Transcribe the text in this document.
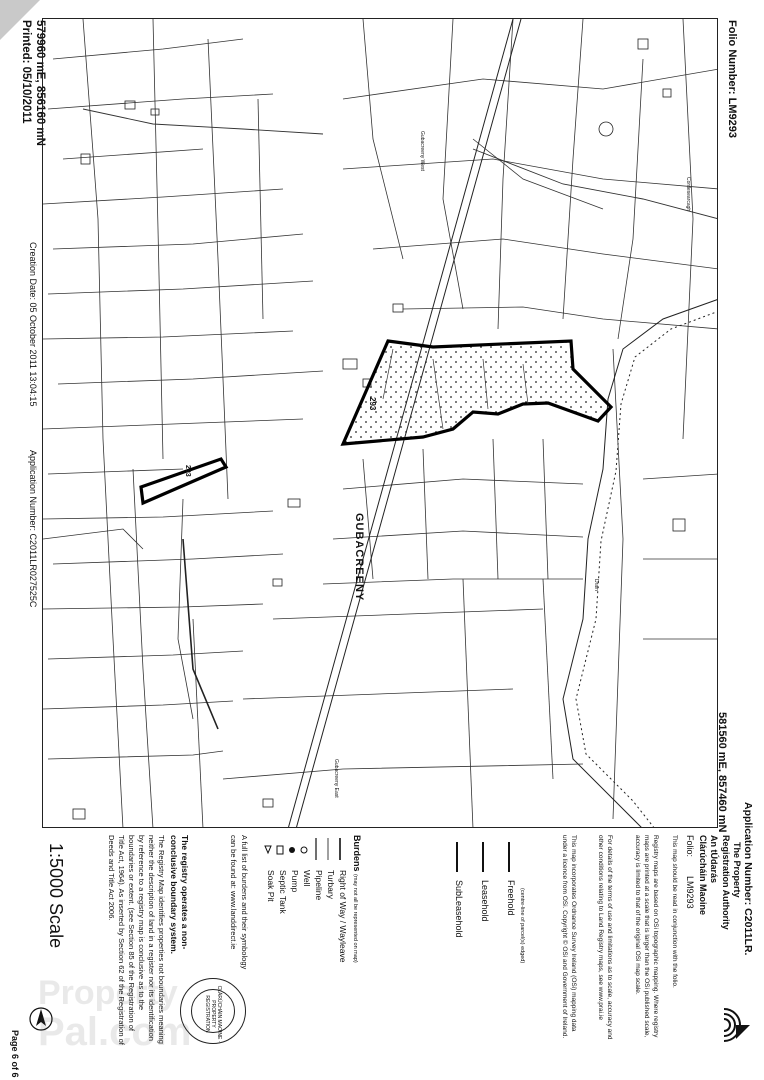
579960 mE, 856160 mN
Printed: 05/10/2011
Creation Date: 05 October 2011 13:04:15
Application Number: C2011LR027525C
Folio Number: LM9293
581560 mE, 857460 mN
GUBACREENY
Gubacreeny West
Gubacreeny East
Cordesearcagh
Drain
293
293
Application Number: C2011LR.
The Property
Registration Authority
An tÚdarás
Clárúcháin Maoine
Folio:  LM9293
This map should be read in conjunction with the folio.
Registry maps are based on OSi topographic mapping. Where registry maps are printed at a scale that is larger than the OSi published scale, accuracy is limited to that of the original OSi map scale.
For details of the terms of use and limitations as to scale, accuracy and other conditions relating to Land Registry maps, see www.prai.ie
This map incorporates Ordnance Survey Ireland (OSi) mapping data under a licence from OSi. Copyright © OSi and Government of Ireland.
(centre-line of parcel(s) edged)
Freehold
Leasehold
SubLeasehold
Burdens (may not all be represented on map)
Right of Way / Wayleave
Turbary
Pipeline
Well
Pump
Septic Tank
Soak Pit
A full list of burdens and their symbology can be found at: www.landdirect.ie
CLÁRÚCHÁIN MAOINE · PROPERTY REGISTRATION
The registry operates a non-conclusive boundary system.
The Registry Map identifies properties not boundaries meaning neither the description of land in a register nor its identification by reference to a registry map is conclusive as to the boundaries or extent. (see Section 85 of the Registration of Title Act, 1964). As inserted by Section 62 of the Registration of Deeds and Title Act 2006.
1:5000 Scale
Page 6 of 6
Property
Pal.com
